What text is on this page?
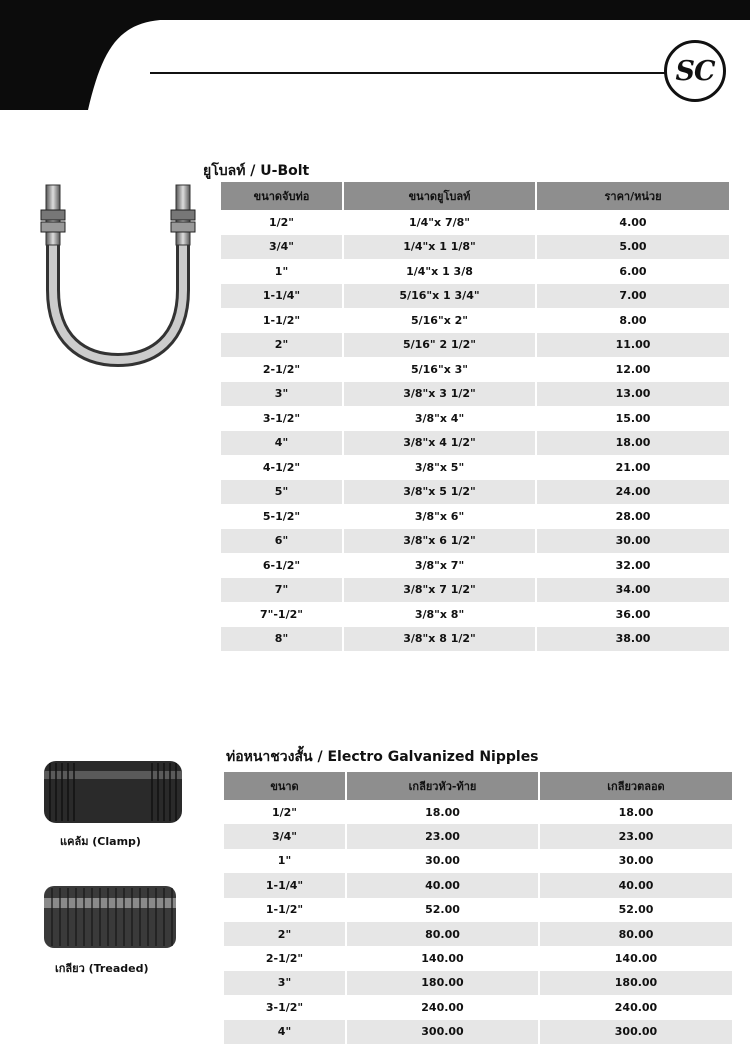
SC
ยูโบลท์ / U-Bolt
ขนาดจับท่อ	ขนาดยูโบลท์	ราคา/หน่วย
1/2"	1/4"x 7/8"	4.00
3/4"	1/4"x 1 1/8"	5.00
1"	1/4"x 1 3/8	6.00
1-1/4"	5/16"x 1 3/4"	7.00
1-1/2"	5/16"x 2"	8.00
2"	5/16" 2 1/2"	11.00
2-1/2"	5/16"x 3"	12.00
3"	3/8"x 3 1/2"	13.00
3-1/2"	3/8"x 4"	15.00
4"	3/8"x 4 1/2"	18.00
4-1/2"	3/8"x 5"	21.00
5"	3/8"x 5 1/2"	24.00
5-1/2"	3/8"x 6"	28.00
6"	3/8"x 6 1/2"	30.00
6-1/2"	3/8"x 7"	32.00
7"	3/8"x 7 1/2"	34.00
7"-1/2"	3/8"x 8"	36.00
8"	3/8"x 8 1/2"	38.00
ท่อหนาชวงสั้น / Electro Galvanized Nipples
แคล้ม (Clamp)
เกลียว (Treaded)
ขนาด	เกลียวหัว-ท้าย	เกลียวตลอด
1/2"	18.00	18.00
3/4"	23.00	23.00
1"	30.00	30.00
1-1/4"	40.00	40.00
1-1/2"	52.00	52.00
2"	80.00	80.00
2-1/2"	140.00	140.00
3"	180.00	180.00
3-1/2"	240.00	240.00
4"	300.00	300.00
